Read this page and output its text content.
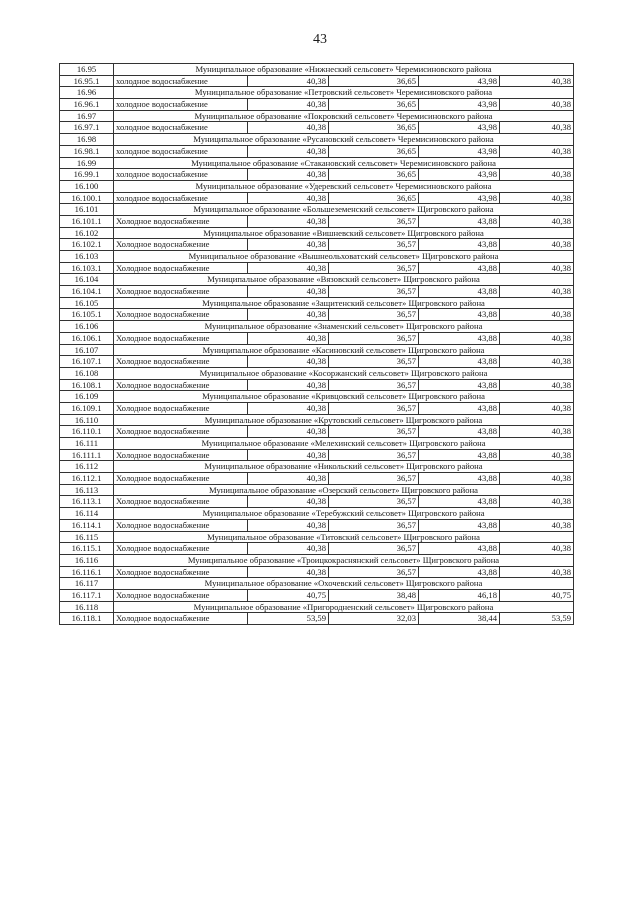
43
16.95	Муниципальное образование «Нижнеский сельсовет» Черемисиновского района				
16.95.1	холодное водоснабжение	40,38	36,65	43,98	40,38
16.96	Муниципальное образование «Петровский сельсовет» Черемисиновского района				
16.96.1	холодное водоснабжение	40,38	36,65	43,98	40,38
16.97	Муниципальное образование «Покровский сельсовет» Черемисиновского района				
16.97.1	холодное водоснабжение	40,38	36,65	43,98	40,38
16.98	Муниципальное образование «Русановский сельсовет» Черемисиновского района				
16.98.1	холодное водоснабжение	40,38	36,65	43,98	40,38
16.99	Муниципальное образование «Стакановский сельсовет» Черемисиновского района				
16.99.1	холодное водоснабжение	40,38	36,65	43,98	40,38
16.100	Муниципальное образование «Удеревский сельсовет» Черемисиновского района				
16.100.1	холодное водоснабжение	40,38	36,65	43,98	40,38
16.101	Муниципальное образование «Большеземенский сельсовет» Щигровского района				
16.101.1	Холодное водоснабжение	40,38	36,57	43,88	40,38
16.102	Муниципальное образование «Вишневский сельсовет» Щигровского района				
16.102.1	Холодное водоснабжение	40,38	36,57	43,88	40,38
16.103	Муниципальное образование «Вышнеольховатский сельсовет» Щигровского района				
16.103.1	Холодное водоснабжение	40,38	36,57	43,88	40,38
16.104	Муниципальное образование «Вязовский сельсовет» Щигровского района				
16.104.1	Холодное водоснабжение	40,38	36,57	43,88	40,38
16.105	Муниципальное образование «Защитенский сельсовет» Щигровского района				
16.105.1	Холодное водоснабжение	40,38	36,57	43,88	40,38
16.106	Муниципальное образование «Знаменский сельсовет» Щигровского района				
16.106.1	Холодное водоснабжение	40,38	36,57	43,88	40,38
16.107	Муниципальное образование «Касиновский сельсовет» Щигровского района				
16.107.1	Холодное водоснабжение	40,38	36,57	43,88	40,38
16.108	Муниципальное образование «Косоржанский сельсовет» Щигровского района				
16.108.1	Холодное водоснабжение	40,38	36,57	43,88	40,38
16.109	Муниципальное образование «Кривцовский сельсовет» Щигровского района				
16.109.1	Холодное водоснабжение	40,38	36,57	43,88	40,38
16.110	Муниципальное образование «Крутовский сельсовет» Щигровского района				
16.110.1	Холодное водоснабжение	40,38	36,57	43,88	40,38
16.111	Муниципальное образование «Мелехинский сельсовет» Щигровского района				
16.111.1	Холодное водоснабжение	40,38	36,57	43,88	40,38
16.112	Муниципальное образование «Никольский сельсовет» Щигровского района				
16.112.1	Холодное водоснабжение	40,38	36,57	43,88	40,38
16.113	Муниципальное образование «Озерский сельсовет» Щигровского района				
16.113.1	Холодное водоснабжение	40,38	36,57	43,88	40,38
16.114	Муниципальное образование «Теребужский сельсовет» Щигровского района				
16.114.1	Холодное водоснабжение	40,38	36,57	43,88	40,38
16.115	Муниципальное образование «Титовский сельсовет» Щигровского района				
16.115.1	Холодное водоснабжение	40,38	36,57	43,88	40,38
16.116	Муниципальное образование «Троицкокраснянский сельсовет» Щигровского района				
16.116.1	Холодное водоснабжение	40,38	36,57	43,88	40,38
16.117	Муниципальное образование «Охочевский сельсовет» Щигровского района				
16.117.1	Холодное водоснабжение	40,75	38,48	46,18	40,75
16.118	Муниципальное образование «Пригородненский сельсовет» Щигровского района				
16.118.1	Холодное водоснабжение	53,59	32,03	38,44	53,59
